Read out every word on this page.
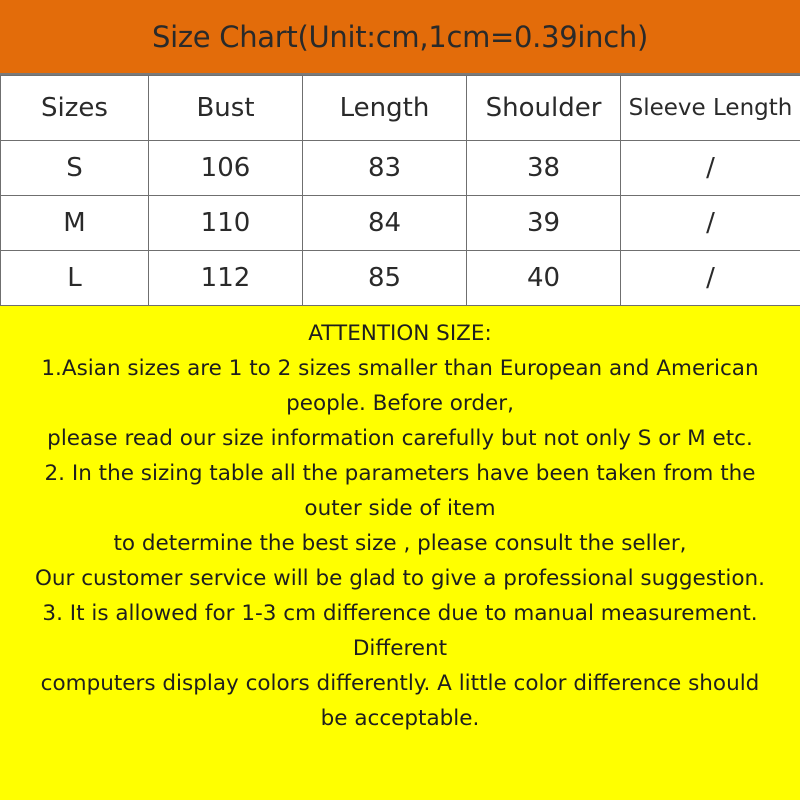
Size Chart(Unit:cm,1cm=0.39inch)
Sizes	Bust	Length	Shoulder	Sleeve Length
S	106	83	38	/
M	110	84	39	/
L	112	85	40	/
ATTENTION SIZE:
1.Asian sizes are 1 to 2 sizes smaller than European and American
people. Before order,
please read our size information carefully but not only S or M etc.
2. In the sizing table all the parameters have been taken from the
outer side of item
to determine the best size , please consult the seller,
Our customer service will be glad to give a professional suggestion.
3. It is allowed for 1-3 cm difference due to manual measurement.
Different
computers display colors differently. A little color difference should
be acceptable.
